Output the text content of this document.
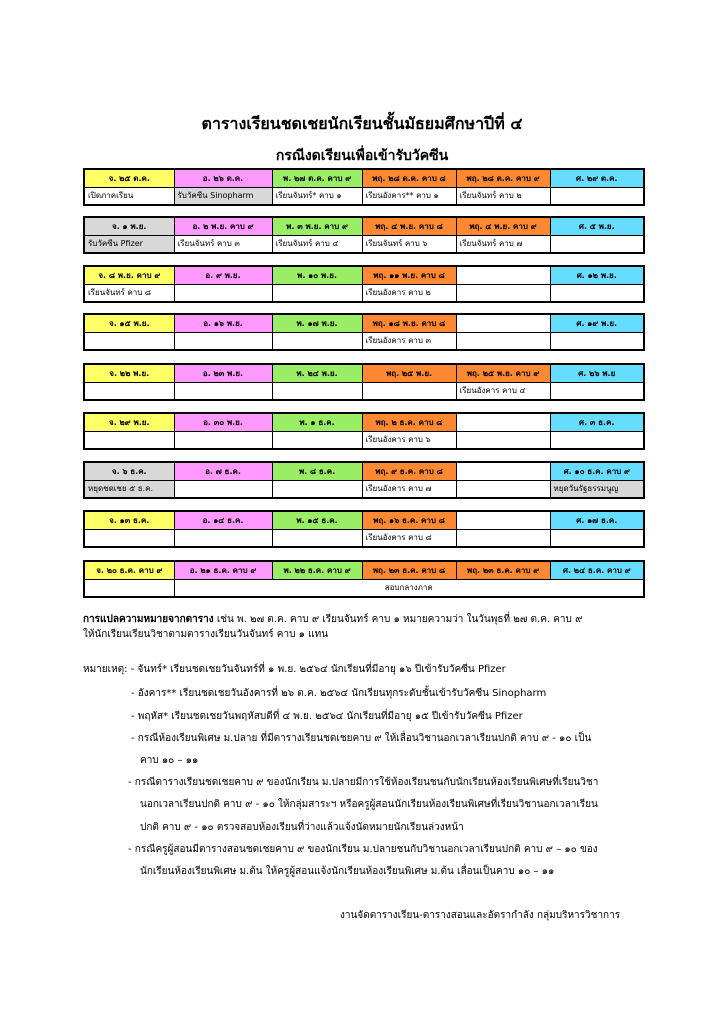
ตารางเรียนชดเชยนักเรียนชั้นมัธยมศึกษาปีที่ ๔
กรณีงดเรียนเพื่อเข้ารับวัคซีน
จ. ๒๕ ต.ค.	อ. ๒๖ ต.ค.	พ. ๒๗ ต.ค. คาบ ๙	พฤ. ๒๘ ต.ค. คาบ ๘	พฤ. ๒๘ ต.ค. คาบ ๙	ศ. ๒๙ ต.ค.
เปิดภาคเรียน	รับวัคซีน Sinopharm	เรียนจันทร์* คาบ ๑	เรียนอังคาร** คาบ ๑	เรียนจันทร์ คาบ ๒	
จ. ๑ พ.ย.	อ. ๒ พ.ย. คาบ ๙	พ. ๓ พ.ย. คาบ ๙	พฤ. ๔ พ.ย. คาบ ๘	พฤ. ๔ พ.ย. คาบ ๙	ศ. ๕ พ.ย.
รับวัคซีน Pfizer	เรียนจันทร์ คาบ ๓	เรียนจันทร์ คาบ ๔	เรียนจันทร์ คาบ ๖	เรียนจันทร์ คาบ ๗	
จ. ๘ พ.ย. คาบ ๙	อ. ๙ พ.ย.	พ. ๑๐ พ.ย.	พฤ. ๑๑ พ.ย. คาบ ๘		ศ. ๑๒ พ.ย.
เรียนจันทร์ คาบ ๘			เรียนอังคาร คาบ ๒		
จ. ๑๕ พ.ย.	อ. ๑๖ พ.ย.	พ. ๑๗ พ.ย.	พฤ. ๑๘ พ.ย. คาบ ๘		ศ. ๑๙ พ.ย.
			เรียนอังคาร คาบ ๓		
จ. ๒๒ พ.ย.	อ. ๒๓ พ.ย.	พ. ๒๔ พ.ย.	พฤ. ๒๕ พ.ย.	พฤ. ๒๕ พ.ย. คาบ ๙	ศ. ๒๖ พ.ย
				เรียนอังคาร คาบ ๔	
จ. ๒๙ พ.ย.	อ. ๓๐ พ.ย.	พ. ๑ ธ.ค.	พฤ. ๒ ธ.ค. คาบ ๘		ศ. ๓ ธ.ค.
			เรียนอังคาร คาบ ๖		
จ. ๖ ธ.ค.	อ. ๗ ธ.ค.	พ. ๘ ธ.ค.	พฤ. ๙ ธ.ค. คาบ ๘		ศ. ๑๐ ธ.ค. คาบ ๙
หยุดชดเชย ๕ ธ.ค.			เรียนอังคาร คาบ ๗		หยุดวันรัฐธรรมนูญ
จ. ๑๓ ธ.ค.	อ. ๑๔ ธ.ค.	พ. ๑๕ ธ.ค.	พฤ. ๑๖ ธ.ค. คาบ ๘		ศ. ๑๗ ธ.ค.
			เรียนอังคาร คาบ ๘		
จ. ๒๐ ธ.ค. คาบ ๙	อ. ๒๑ ธ.ค. คาบ ๙	พ. ๒๒ ธ.ค. คาบ ๙	พฤ. ๒๓ ธ.ค. คาบ ๘	พฤ. ๒๓ ธ.ค. คาบ ๙	ศ. ๒๔ ธ.ค. คาบ ๙
	สอบกลางภาค				
การแปลความหมายจากตาราง เช่น พ. ๒๗ ต.ค. คาบ ๙ เรียนจันทร์ คาบ ๑ หมายความว่า ในวันพุธที่ ๒๗ ต.ค. คาบ ๙
ให้นักเรียนเรียนวิชาตามตารางเรียนวันจันทร์ คาบ ๑ แทน
หมายเหตุ: - จันทร์* เรียนชดเชยวันจันทร์ที่ ๑ พ.ย. ๒๕๖๔ นักเรียนที่มีอายุ ๑๖ ปีเข้ารับวัคซีน Pfizer
- อังคาร** เรียนชดเชยวันอังคารที่ ๒๖ ต.ค. ๒๕๖๔ นักเรียนทุกระดับชั้นเข้ารับวัคซีน Sinopharm
- พฤหัส* เรียนชดเชยวันพฤหัสบดีที่ ๔ พ.ย. ๒๕๖๔ นักเรียนที่มีอายุ ๑๕ ปีเข้ารับวัคซีน Pfizer
- กรณีห้องเรียนพิเศษ ม.ปลาย ที่มีตารางเรียนชดเชยคาบ ๙ ให้เลื่อนวิชานอกเวลาเรียนปกติ คาบ ๙ - ๑๐ เป็น
คาบ ๑๐ – ๑๑
- กรณีตารางเรียนชดเชยคาบ ๙ ของนักเรียน ม.ปลายมีการใช้ห้องเรียนชนกับนักเรียนห้องเรียนพิเศษที่เรียนวิชา
นอกเวลาเรียนปกติ คาบ ๙ - ๑๐ ให้กลุ่มสาระฯ หรือครูผู้สอนนักเรียนห้องเรียนพิเศษที่เรียนวิชานอกเวลาเรียน
ปกติ คาบ ๙ - ๑๐ ตรวจสอบห้องเรียนที่ว่างแล้วแจ้งนัดหมายนักเรียนล่วงหน้า
- กรณีครูผู้สอนมีตารางสอนชดเชยคาบ ๙ ของนักเรียน ม.ปลายชนกับวิชานอกเวลาเรียนปกติ คาบ ๙ – ๑๐ ของ
นักเรียนห้องเรียนพิเศษ ม.ต้น ให้ครูผู้สอนแจ้งนักเรียนห้องเรียนพิเศษ ม.ต้น เลื่อนเป็นคาบ ๑๐ – ๑๑
งานจัดตารางเรียน-ตารางสอนและอัตรากำลัง กลุ่มบริหารวิชาการ
